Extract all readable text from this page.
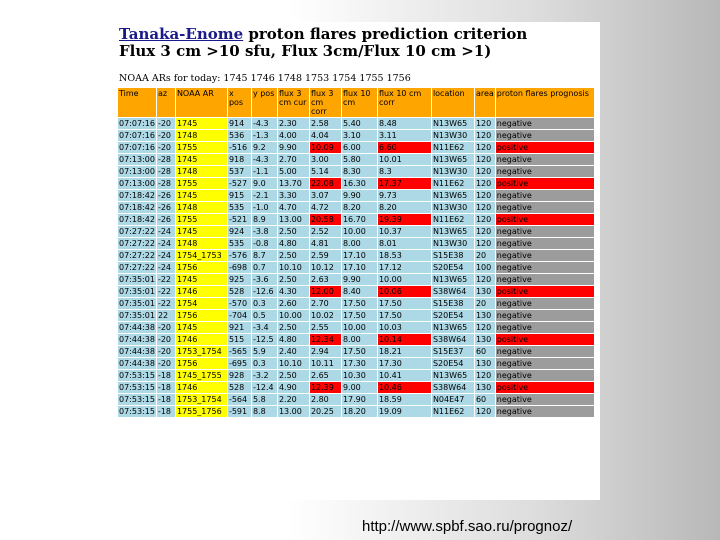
Tanaka-Enome proton flares prediction criterion
Flux 3 cm >10 sfu, Flux 3cm/Flux 10 cm >1)
NOAA ARs for today: 1745 1746 1748 1753 1754 1755 1756
Time	az	NOAA AR	x pos	y pos	flux 3 cm cur	flux 3 cm corr	flux 10 cm	flux 10 cm corr	location	area	proton flares prognosis
07:07:16	-20	1745	914	-4.3	2.30	2.58	5.40	8.48	N13W65	120	negative
07:07:16	-20	1748	536	-1.3	4.00	4.04	3.10	3.11	N13W30	120	negative
07:07:16	-20	1755	-516	9.2	9.90	10.09	6.00	6.60	N11E62	120	positive
07:13:00	-28	1745	918	-4.3	2.70	3.00	5.80	10.01	N13W65	120	negative
07:13:00	-28	1748	537	-1.1	5.00	5.14	8.30	8.3	N13W30	120	negative
07:13:00	-28	1755	-527	9.0	13.70	22.08	16.30	17.37	N11E62	120	positive
07:18:42	-26	1745	915	-2.1	3.30	3.07	9.90	9.73	N13W65	120	negative
07:18:42	-26	1748	535	-1.0	4.70	4.72	8.20	8.20	N13W30	120	negative
07:18:42	-26	1755	-521	8.9	13.00	20.58	16.70	19.39	N11E62	120	positive
07:27:22	-24	1745	924	-3.8	2.50	2.52	10.00	10.37	N13W65	120	negative
07:27:22	-24	1748	535	-0.8	4.80	4.81	8.00	8.01	N13W30	120	negative
07:27:22	-24	1754_1753	-576	8.7	2.50	2.59	17.10	18.53	S15E38	20	negative
07:27:22	-24	1756	-698	0.7	10.10	10.12	17.10	17.12	S20E54	100	negative
07:35:01	-22	1745	925	-3.6	2.50	2.63	9.90	10.00	N13W65	120	negative
07:35:01	-22	1746	528	-12.6	4.30	12.00	8.40	10.06	S38W64	130	positive
07:35:01	-22	1754	-570	0.3	2.60	2.70	17.50	17.50	S15E38	20	negative
07:35:01	22	1756	-704	0.5	10.00	10.02	17.50	17.50	S20E54	130	negative
07:44:38	-20	1745	921	-3.4	2.50	2.55	10.00	10.03	N13W65	120	negative
07:44:38	-20	1746	515	-12.5	4.80	12.34	8.00	10.14	S38W64	130	positive
07:44:38	-20	1753_1754	-565	5.9	2.40	2.94	17.50	18.21	S15E37	60	negative
07:44:38	-20	1756	-695	0.3	10.10	10.11	17.30	17.30	S20E54	130	negative
07:53:15	-18	1745_1755	928	-3.2	2.50	2.65	10.30	10.41	N13W65	120	negative
07:53:15	-18	1746	528	-12.4	4.90	12.39	9.00	10.46	S38W64	130	positive
07:53:15	-18	1753_1754	-564	5.8	2.20	2.80	17.90	18.59	N04E47	60	negative
07:53:15	-18	1755_1756	-591	8.8	13.00	20.25	18.20	19.09	N11E62	120	negative
http://www.spbf.sao.ru/prognoz/
